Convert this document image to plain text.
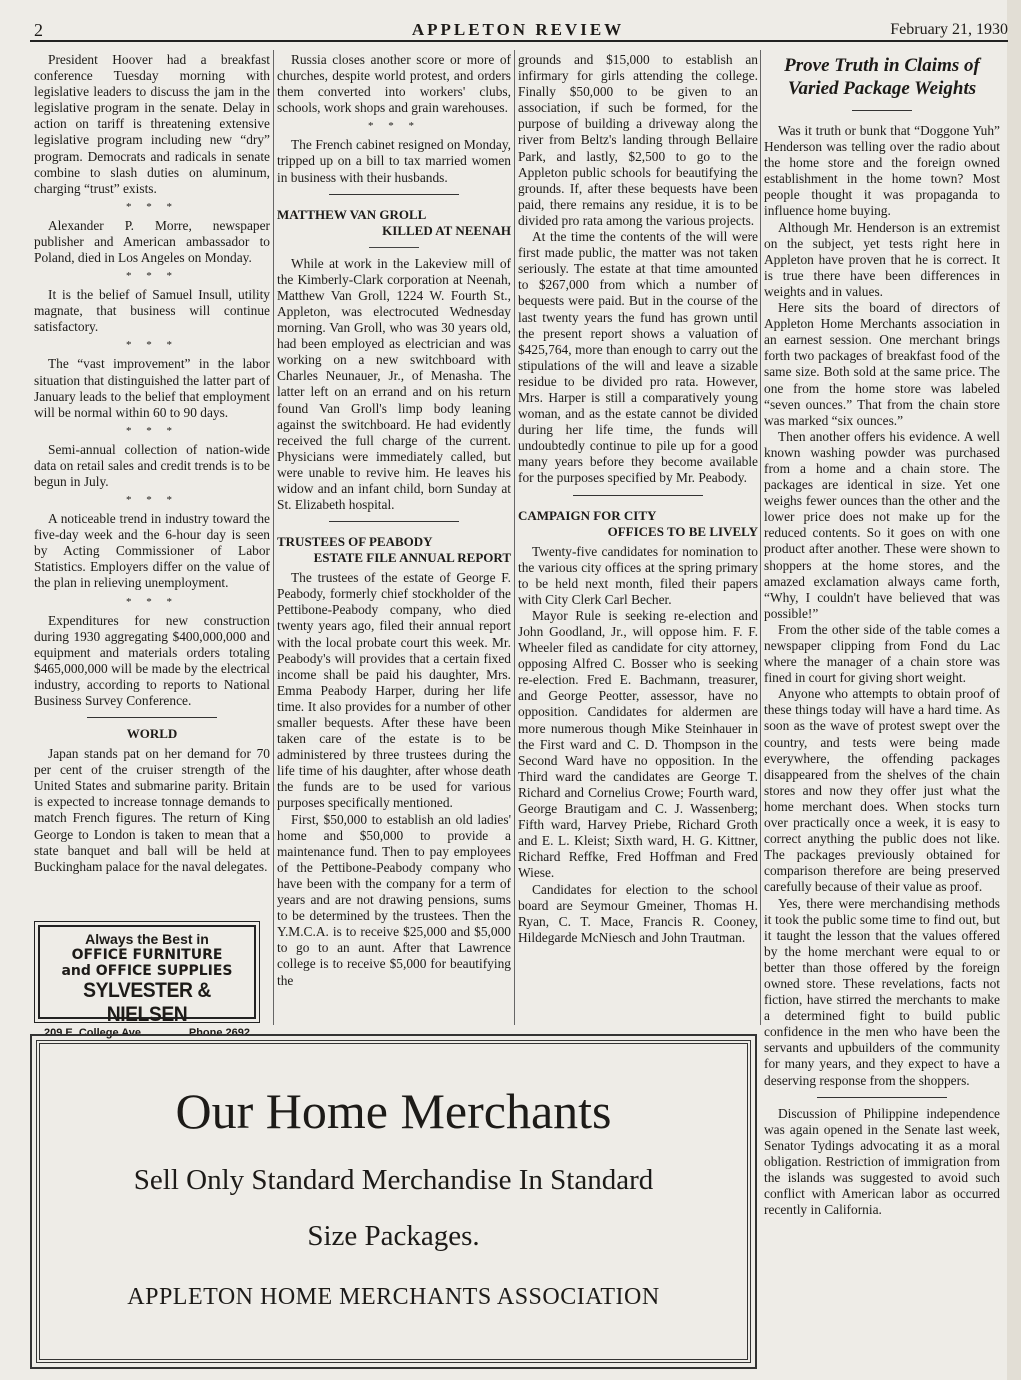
2	APPLETON REVIEW	February 21, 1930

President Hoover had a breakfast conference Tuesday morning with legislative leaders to discuss the jam in the legislative program in the senate. Delay in action on tariff is threatening extensive legislative program including new “dry” program. Democrats and radicals in senate combine to slash duties on aluminum, charging “trust” exists.

* * *

Alexander P. Morre, newspaper publisher and American ambassador to Poland, died in Los Angeles on Monday.

* * *

It is the belief of Samuel Insull, utility magnate, that business will continue satisfactory.

* * *

The “vast improvement” in the labor situation that distinguished the latter part of January leads to the belief that employment will be normal within 60 to 90 days.

* * *

Semi-annual collection of nation-wide data on retail sales and credit trends is to be begun in July.

* * *

A noticeable trend in industry toward the five-day week and the 6-hour day is seen by Acting Commissioner of Labor Statistics. Employers differ on the value of the plan in relieving unemployment.

* * *

Expenditures for new construction during 1930 aggregating $400,000,000 and equipment and materials orders totaling $465,000,000 will be made by the electrical industry, according to reports to National Business Survey Conference.

WORLD

Japan stands pat on her demand for 70 per cent of the cruiser strength of the United States and submarine parity. Britain is expected to increase tonnage demands to match French figures. The return of King George to London is taken to mean that a state banquet and ball will be held at Buckingham palace for the naval delegates.

Always the Best in
OFFICE FURNITURE
and OFFICE SUPPLIES
SYLVESTER & NIELSEN
209 E. College Ave.	Phone 2692

Russia closes another score or more of churches, despite world protest, and orders them converted into workers' clubs, schools, work shops and grain warehouses.

* * *

The French cabinet resigned on Monday, tripped up on a bill to tax married women in business with their husbands.

MATTHEW VAN GROLL
KILLED AT NEENAH

While at work in the Lakeview mill of the Kimberly-Clark corporation at Neenah, Matthew Van Groll, 1224 W. Fourth St., Appleton, was electrocuted Wednesday morning. Van Groll, who was 30 years old, had been employed as electrician and was working on a new switchboard with Charles Neunauer, Jr., of Menasha. The latter left on an errand and on his return found Van Groll's limp body leaning against the switchboard. He had evidently received the full charge of the current. Physicians were immediately called, but were unable to revive him. He leaves his widow and an infant child, born Sunday at St. Elizabeth hospital.

TRUSTEES OF PEABODY
ESTATE FILE ANNUAL REPORT

The trustees of the estate of George F. Peabody, formerly chief stockholder of the Pettibone-Peabody company, who died twenty years ago, filed their annual report with the local probate court this week. Mr. Peabody's will provides that a certain fixed income shall be paid his daughter, Mrs. Emma Peabody Harper, during her life time. It also provides for a number of other smaller bequests. After these have been taken care of the estate is to be administered by three trustees during the life time of his daughter, after whose death the funds are to be used for various purposes specifically mentioned.

First, $50,000 to establish an old ladies' home and $50,000 to provide a maintenance fund. Then to pay employees of the Pettibone-Peabody company who have been with the company for a term of years and are not drawing pensions, sums to be determined by the trustees. Then the Y.M.C.A. is to receive $25,000 and $5,000 to go to an aunt. After that Lawrence college is to receive $5,000 for beautifying the

grounds and $15,000 to establish an infirmary for girls attending the college. Finally $50,000 to be given to an association, if such be formed, for the purpose of building a driveway along the river from Beltz's landing through Bellaire Park, and lastly, $2,500 to go to the Appleton public schools for beautifying the grounds. If, after these bequests have been paid, there remains any residue, it is to be divided pro rata among the various projects.

At the time the contents of the will were first made public, the matter was not taken seriously. The estate at that time amounted to $267,000 from which a number of bequests were paid. But in the course of the last twenty years the fund has grown until the present report shows a valuation of $425,764, more than enough to carry out the stipulations of the will and leave a sizable residue to be divided pro rata. However, Mrs. Harper is still a comparatively young woman, and as the estate cannot be divided during her life time, the funds will undoubtedly continue to pile up for a good many years before they become available for the purposes specified by Mr. Peabody.

CAMPAIGN FOR CITY
OFFICES TO BE LIVELY

Twenty-five candidates for nomination to the various city offices at the spring primary to be held next month, filed their papers with City Clerk Carl Becher.

Mayor Rule is seeking re-election and John Goodland, Jr., will oppose him. F. F. Wheeler filed as candidate for city attorney, opposing Alfred C. Bosser who is seeking re-election. Fred E. Bachmann, treasurer, and George Peotter, assessor, have no opposition. Candidates for aldermen are more numerous though Mike Steinhauer in the First ward and C. D. Thompson in the Second Ward have no opposition. In the Third ward the candidates are George T. Richard and Cornelius Crowe; Fourth ward, George Brautigam and C. J. Wassenberg; Fifth ward, Harvey Priebe, Richard Groth and E. L. Kleist; Sixth ward, H. G. Kittner, Richard Reffke, Fred Hoffman and Fred Wiese.

Candidates for election to the school board are Seymour Gmeiner, Thomas H. Ryan, C. T. Mace, Francis R. Cooney, Hildegarde McNiesch and John Trautman.

Prove Truth in Claims of
Varied Package Weights

Was it truth or bunk that “Doggone Yuh” Henderson was telling over the radio about the home store and the foreign owned establishment in the home town? Most people thought it was propaganda to influence home buying.

Although Mr. Henderson is an extremist on the subject, yet tests right here in Appleton have proven that he is correct. It is true there have been differences in weights and in values.

Here sits the board of directors of Appleton Home Merchants association in an earnest session. One merchant brings forth two packages of breakfast food of the same size. Both sold at the same price. The one from the home store was labeled “seven ounces.” That from the chain store was marked “six ounces.”

Then another offers his evidence. A well known washing powder was purchased from a home and a chain store. The packages are identical in size. Yet one weighs fewer ounces than the other and the lower price does not make up for the reduced contents. So it goes on with one product after another. These were shown to shoppers at the home stores, and the amazed exclamation always came forth, “Why, I couldn't have believed that was possible!”

From the other side of the table comes a newspaper clipping from Fond du Lac where the manager of a chain store was fined in court for giving short weight.

Anyone who attempts to obtain proof of these things today will have a hard time. As soon as the wave of protest swept over the country, and tests were being made everywhere, the offending packages disappeared from the shelves of the chain stores and now they offer just what the home merchant does. When stocks turn over practically once a week, it is easy to correct anything the public does not like. The packages previously obtained for comparison therefore are being preserved carefully because of their value as proof.

Yes, there were merchandising methods it took the public some time to find out, but it taught the lesson that the values offered by the home merchant were equal to or better than those offered by the foreign owned store. These revelations, facts not fiction, have stirred the merchants to make a determined fight to build public confidence in the men who have been the servants and upbuilders of the community for many years, and they expect to have a deserving response from the shoppers.

Discussion of Philippine independence was again opened in the Senate last week, Senator Tydings advocating it as a moral obligation. Restriction of immigration from the islands was suggested to avoid such conflict with American labor as occurred recently in California.

Our Home Merchants
Sell Only Standard Merchandise In Standard
Size Packages.
APPLETON HOME MERCHANTS ASSOCIATION
